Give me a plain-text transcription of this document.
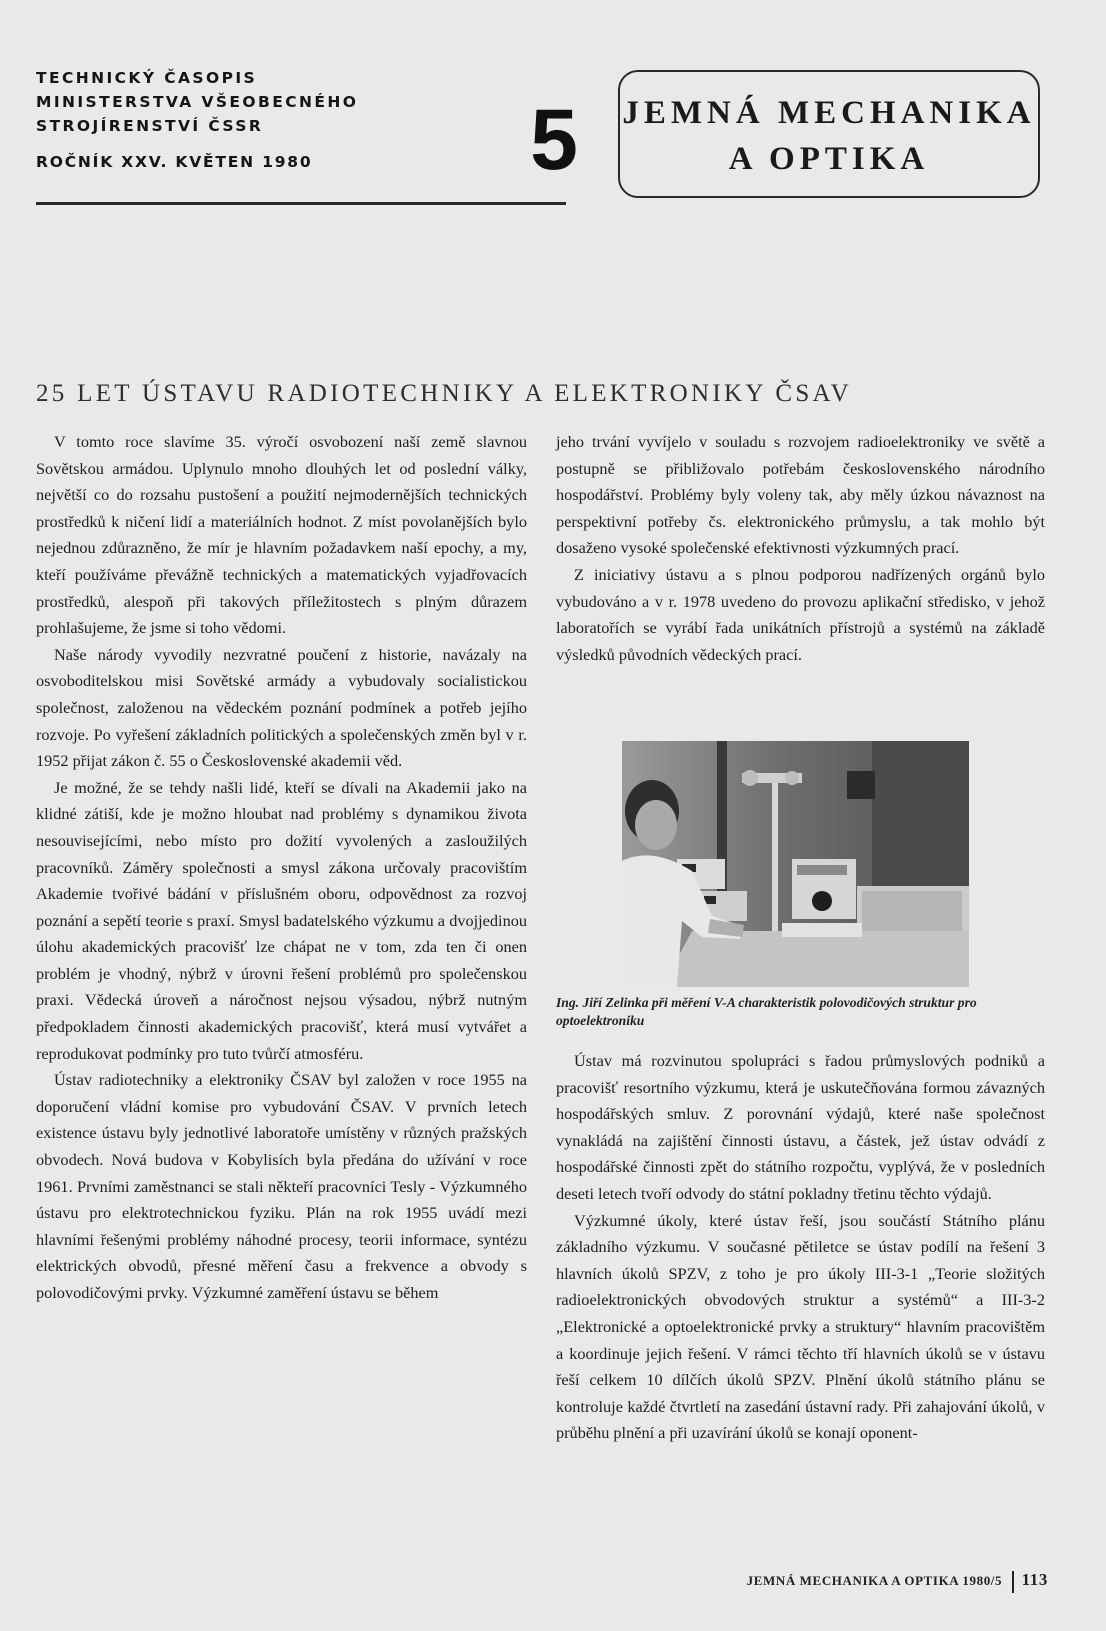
TECHNICKÝ ČASOPIS
MINISTERSTVA VŠEOBECNÉHO
STROJÍRENSTVÍ ČSSR
ROČNÍK XXV. KVĚTEN 1980	5 JEMNÁ MECHANIKA
A OPTIKA
25 LET ÚSTAVU RADIOTECHNIKY A ELEKTRONIKY ČSAV

V tomto roce slavíme 35. výročí osvobození naší země slavnou Sovětskou armádou. Uplynulo mnoho dlouhých let od poslední války, největší co do rozsahu pustošení a použití nejmodernějších technických prostředků k ničení lidí a materiálních hodnot. Z míst povolanějších bylo nejednou zdůrazněno, že mír je hlavním požadavkem naší epochy, a my, kteří používáme převážně technických a matematických vyjadřovacích prostředků, alespoň při takových příležitostech s plným důrazem prohlašujeme, že jsme si toho vědomi.

Naše národy vyvodily nezvratné poučení z historie, navázaly na osvoboditelskou misi Sovětské armády a vybudovaly socialistickou společnost, založenou na vědeckém poznání podmínek a potřeb jejího rozvoje. Po vyřešení základních politických a společenských změn byl v r. 1952 přijat zákon č. 55 o Československé akademii věd.

Je možné, že se tehdy našli lidé, kteří se dívali na Akademii jako na klidné zátiší, kde je možno hloubat nad problémy s dynamikou života nesouvisejícími, nebo místo pro dožití vyvolených a zasloužilých pracovníků. Záměry společnosti a smysl zákona určovaly pracovištím Akademie tvořivé bádání v příslušném oboru, odpovědnost za rozvoj poznání a sepětí teorie s praxí. Smysl badatelského výzkumu a dvojjedinou úlohu akademických pracovišť lze chápat ne v tom, zda ten či onen problém je vhodný, nýbrž v úrovni řešení problémů pro společenskou praxi. Vědecká úroveň a náročnost nejsou výsadou, nýbrž nutným předpokladem činnosti akademických pracovišť, která musí vytvářet a reprodukovat podmínky pro tuto tvůrčí atmosféru.

Ústav radiotechniky a elektroniky ČSAV byl založen v roce 1955 na doporučení vládní komise pro vybudování ČSAV. V prvních letech existence ústavu byly jednotlivé laboratoře umístěny v různých pražských obvodech. Nová budova v Kobylisích byla předána do užívání v roce 1961. Prvními zaměstnanci se stali někteří pracovníci Tesly - Výzkumného ústavu pro elektrotechnickou fyziku. Plán na rok 1955 uvádí mezi hlavními řešenými problémy náhodné procesy, teorii informace, syntézu elektrických obvodů, přesné měření času a frekvence a obvody s polovodičovými prvky. Výzkumné zaměření ústavu se během

jeho trvání vyvíjelo v souladu s rozvojem radioelektroniky ve světě a postupně se přibližovalo potřebám československého národního hospodářství. Problémy byly voleny tak, aby měly úzkou návaznost na perspektivní potřeby čs. elektronického průmyslu, a tak mohlo být dosaženo vysoké společenské efektivnosti výzkumných prací.

Z iniciativy ústavu a s plnou podporou nadřízených orgánů bylo vybudováno a v r. 1978 uvedeno do provozu aplikační středisko, v jehož laboratořích se vyrábí řada unikátních přístrojů a systémů na základě výsledků původních vědeckých prací.

Ing. Jiří Zelinka při měření V-A charakteristik polovodičových struktur pro optoelektroniku

Ústav má rozvinutou spolupráci s řadou průmyslových podniků a pracovišť resortního výzkumu, která je uskutečňována formou závazných hospodářských smluv. Z porovnání výdajů, které naše společnost vynakládá na zajištění činnosti ústavu, a částek, jež ústav odvádí z hospodářské činnosti zpět do státního rozpočtu, vyplývá, že v posledních deseti letech tvoří odvody do státní pokladny třetinu těchto výdajů.

Výzkumné úkoly, které ústav řeší, jsou součástí Státního plánu základního výzkumu. V současné pětiletce se ústav podílí na řešení 3 hlavních úkolů SPZV, z toho je pro úkoly III-3-1 „Teorie složitých radioelektronických obvodových struktur a systémů“ a III-3-2 „Elektronické a optoelektronické prvky a struktury“ hlavním pracovištěm a koordinuje jejich řešení. V rámci těchto tří hlavních úkolů se v ústavu řeší celkem 10 dílčích úkolů SPZV. Plnění úkolů státního plánu se kontroluje každé čtvrtletí na zasedání ústavní rady. Při zahajování úkolů, v průběhu plnění a při uzavírání úkolů se konají oponent-

JEMNÁ MECHANIKA A OPTIKA 1980/5 113
